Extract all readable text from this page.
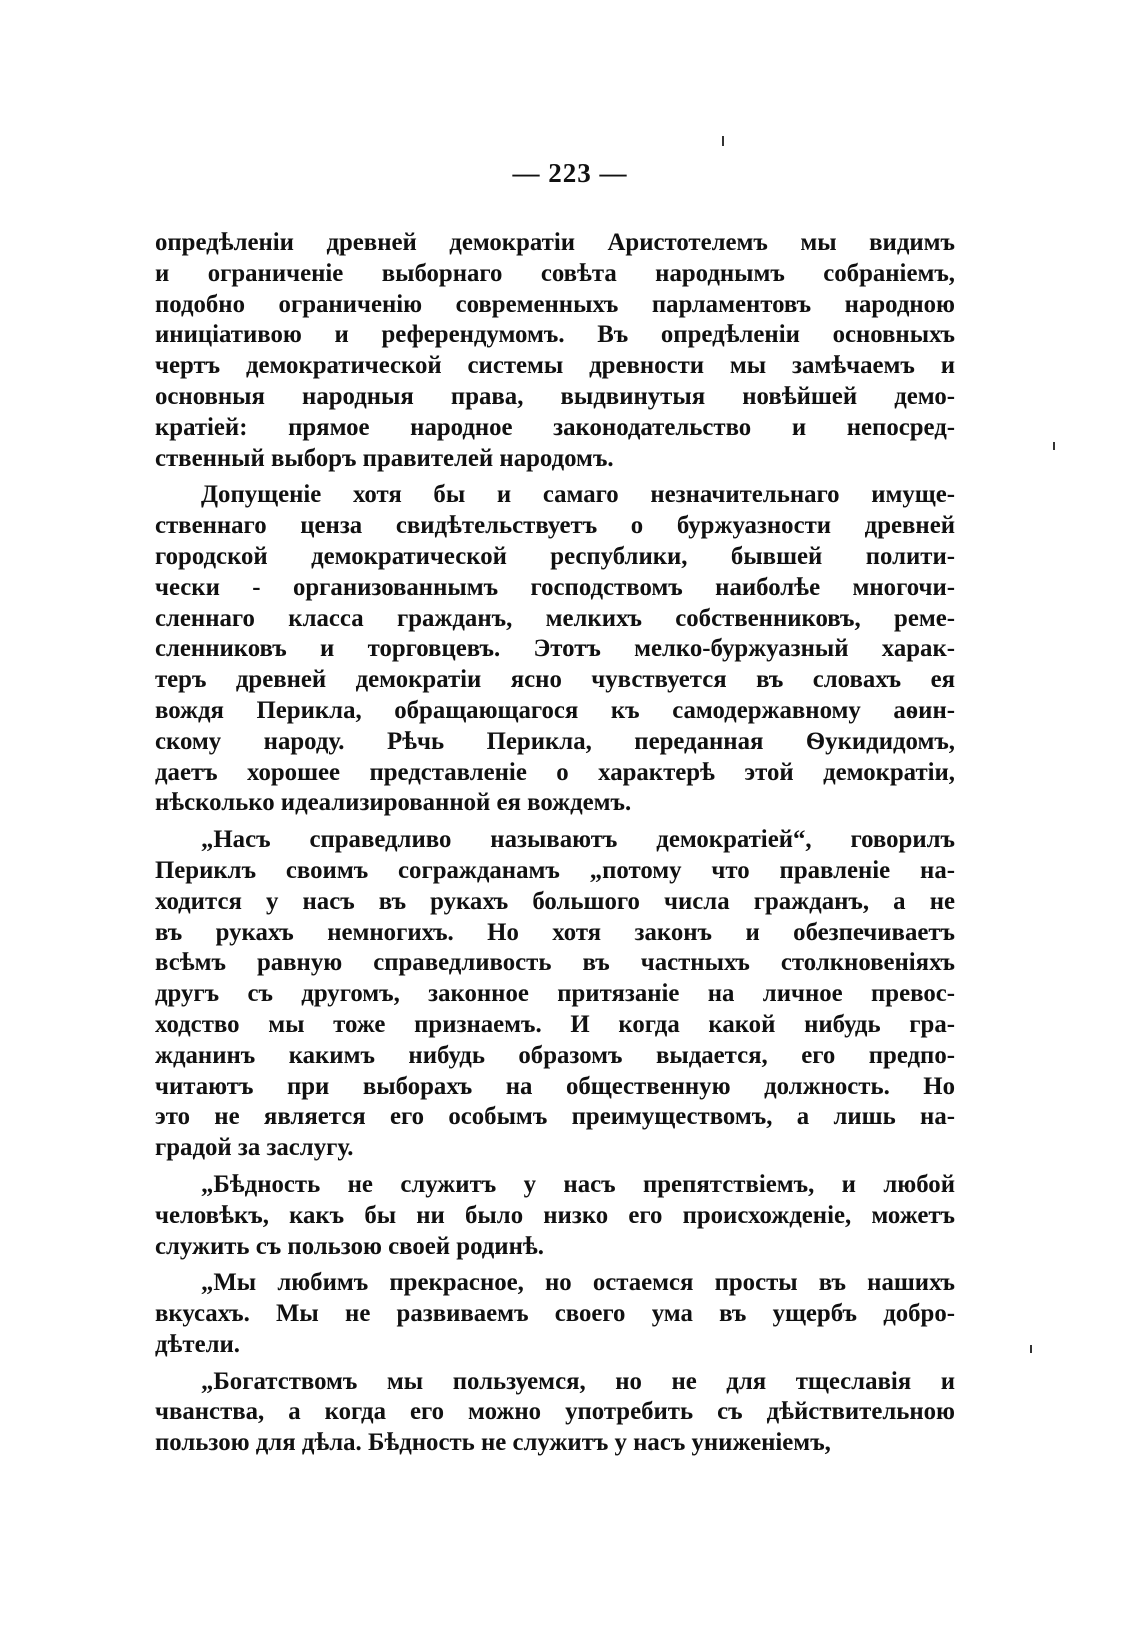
— 223 —
опредѣленіи древней демократіи Аристотелемъ мы видимъ
и ограниченіе выборнаго совѣта народнымъ собраніемъ,
подобно ограниченію современныхъ парламентовъ народною
иниціативою и референдумомъ. Въ опредѣленіи основныхъ
чертъ демократической системы древности мы замѣчаемъ и
основныя народныя права, выдвинутыя новѣйшей демо-
кратіей: прямое народное законодательство и непосред-
ственный выборъ правителей народомъ.
Допущеніе хотя бы и самаго незначительнаго имуще-
ственнаго ценза свидѣтельствуетъ о буржуазности древней
городской демократической республики, бывшей полити-
чески - организованнымъ господствомъ наиболѣе многочи-
сленнаго класса гражданъ, мелкихъ собственниковъ, реме-
сленниковъ и торговцевъ. Этотъ мелко-буржуазный харак-
теръ древней демократіи ясно чувствуется въ словахъ ея
вождя Перикла, обращающагося къ самодержавному аѳин-
скому народу. Рѣчь Перикла, переданная Ѳукидидомъ,
даетъ хорошее представленіе о характерѣ этой демократіи,
нѣсколько идеализированной ея вождемъ.
„Насъ справедливо называютъ демократіей“, говорилъ
Периклъ своимъ согражданамъ „потому что правленіе на-
ходится у насъ въ рукахъ большого числа гражданъ, а не
въ рукахъ немногихъ. Но хотя законъ и обезпечиваетъ
всѣмъ равную справедливость въ частныхъ столкновеніяхъ
другъ съ другомъ, законное притязаніе на личное превос-
ходство мы тоже признаемъ. И когда какой нибудь гра-
жданинъ какимъ нибудь образомъ выдается, его предпо-
читаютъ при выборахъ на общественную должность. Но
это не является его особымъ преимуществомъ, а лишь на-
градой за заслугу.
„Бѣдность не служитъ у насъ препятствіемъ, и любой
человѣкъ, какъ бы ни было низко его происхожденіе, можетъ
служить съ пользою своей родинѣ.
„Мы любимъ прекрасное, но остаемся просты въ нашихъ
вкусахъ. Мы не развиваемъ своего ума въ ущербъ добро-
дѣтели.
„Богатствомъ мы пользуемся, но не для тщеславія и
чванства, а когда его можно употребить съ дѣйствительною
пользою для дѣла. Бѣдность не служитъ у насъ униженіемъ,
